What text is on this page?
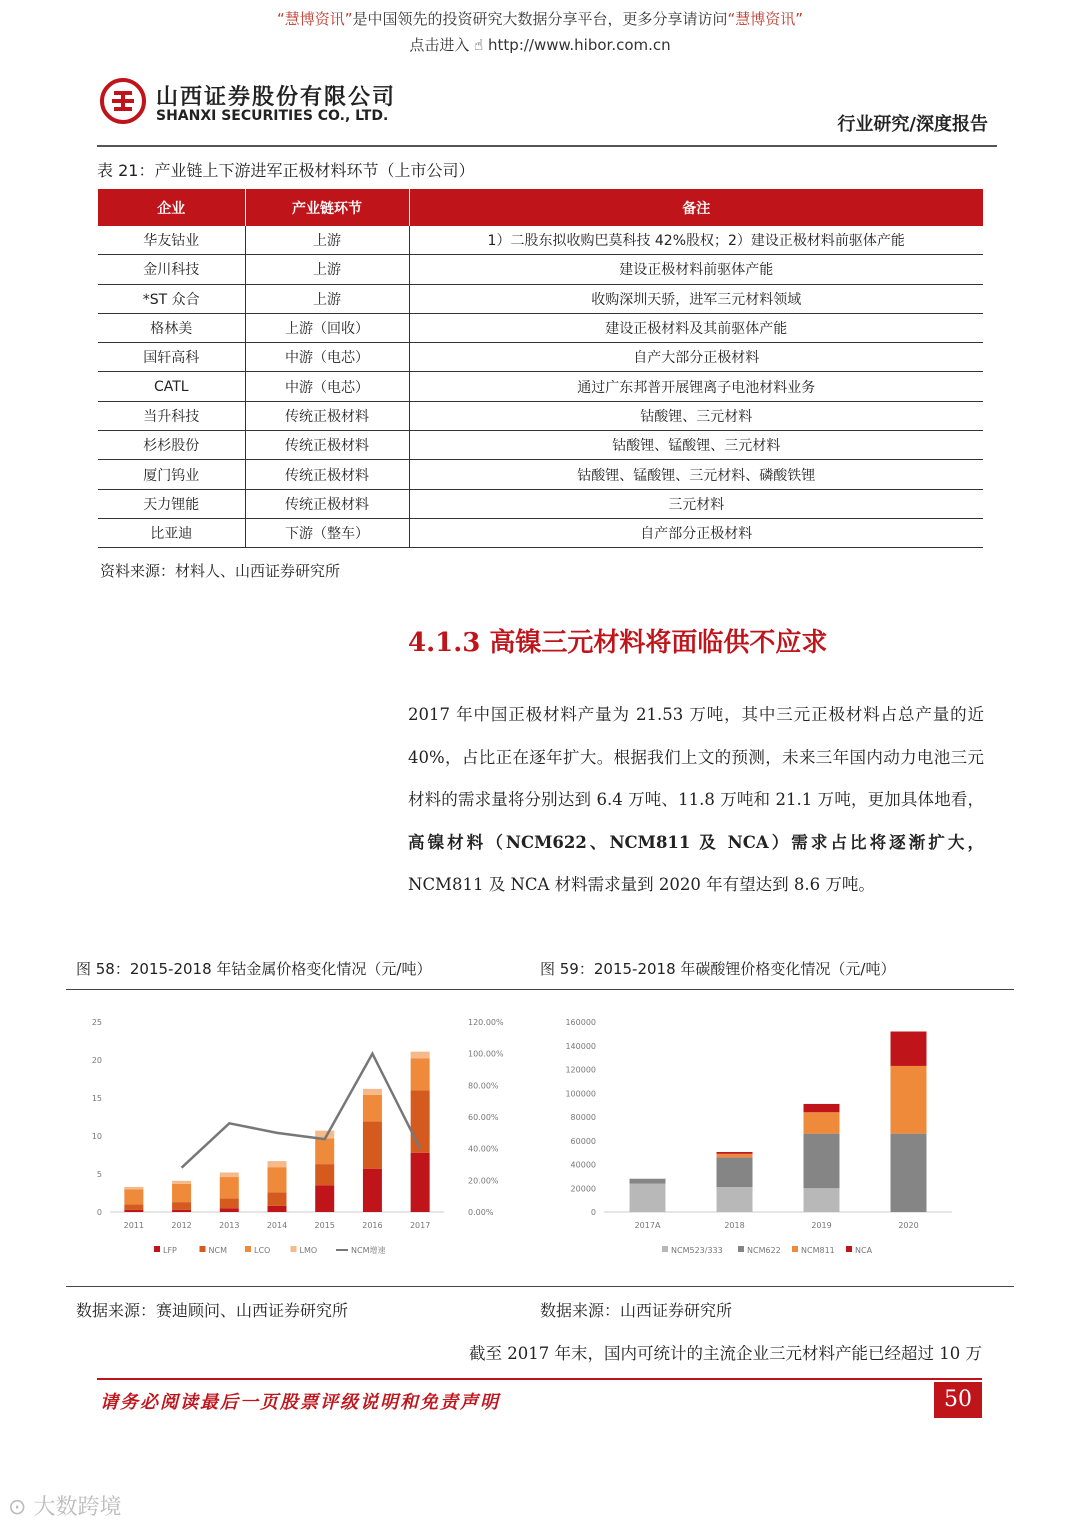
“慧博资讯”是中国领先的投资研究大数据分享平台，更多分享请访问“慧博资讯”
点击进入 ☝ http://www.hibor.com.cn
山西证券股份有限公司
SHANXI SECURITIES CO., LTD.	行业研究/深度报告
表 21：产业链上下游进军正极材料环节（上市公司）
企业	产业链环节	备注
华友钴业	上游	1）二股东拟收购巴莫科技 42%股权；2）建设正极材料前驱体产能
金川科技	上游	建设正极材料前驱体产能
*ST 众合	上游	收购深圳天骄，进军三元材料领域
格林美	上游（回收）	建设正极材料及其前驱体产能
国轩高科	中游（电芯）	自产大部分正极材料
CATL	中游（电芯）	通过广东邦普开展锂离子电池材料业务
当升科技	传统正极材料	钴酸锂、三元材料
杉杉股份	传统正极材料	钴酸锂、锰酸锂、三元材料
厦门钨业	传统正极材料	钴酸锂、锰酸锂、三元材料、磷酸铁锂
天力锂能	传统正极材料	三元材料
比亚迪	下游（整车）	自产部分正极材料
资料来源：材料人、山西证券研究所
4.1.3 高镍三元材料将面临供不应求
2017 年中国正极材料产量为 21.53 万吨，其中三元正极材料占总产量的近 40%，占比正在逐年扩大。根据我们上文的预测，未来三年国内动力电池三元材料的需求量将分别达到 6.4 万吨、11.8 万吨和 21.1 万吨，更加具体地看，高镍材料（NCM622、NCM811 及 NCA）需求占比将逐渐扩大，NCM811 及 NCA 材料需求量到 2020 年有望达到 8.6 万吨。
图 58：2015-2018 年钴金属价格变化情况（元/吨）	图 59：2015-2018 年碳酸锂价格变化情况（元/吨）
0
5
10
15
20
25
2011	2012	2013	2014	2015	2016	2017
0.00%
20.00%
40.00%
60.00%
80.00%
100.00%
120.00%
LFP	NCM	LCO	LMO	NCM增速
0
20000
40000
60000
80000
100000
120000
140000
160000
2017A	2018	2019	2020
NCM523/333	NCM622	NCM811	NCA
数据来源：赛迪顾问、山西证券研究所	数据来源：山西证券研究所
截至 2017 年末，国内可统计的主流企业三元材料产能已经超过 10 万
请务必阅读最后一页股票评级说明和免责声明	50
⊙ 大数跨境
